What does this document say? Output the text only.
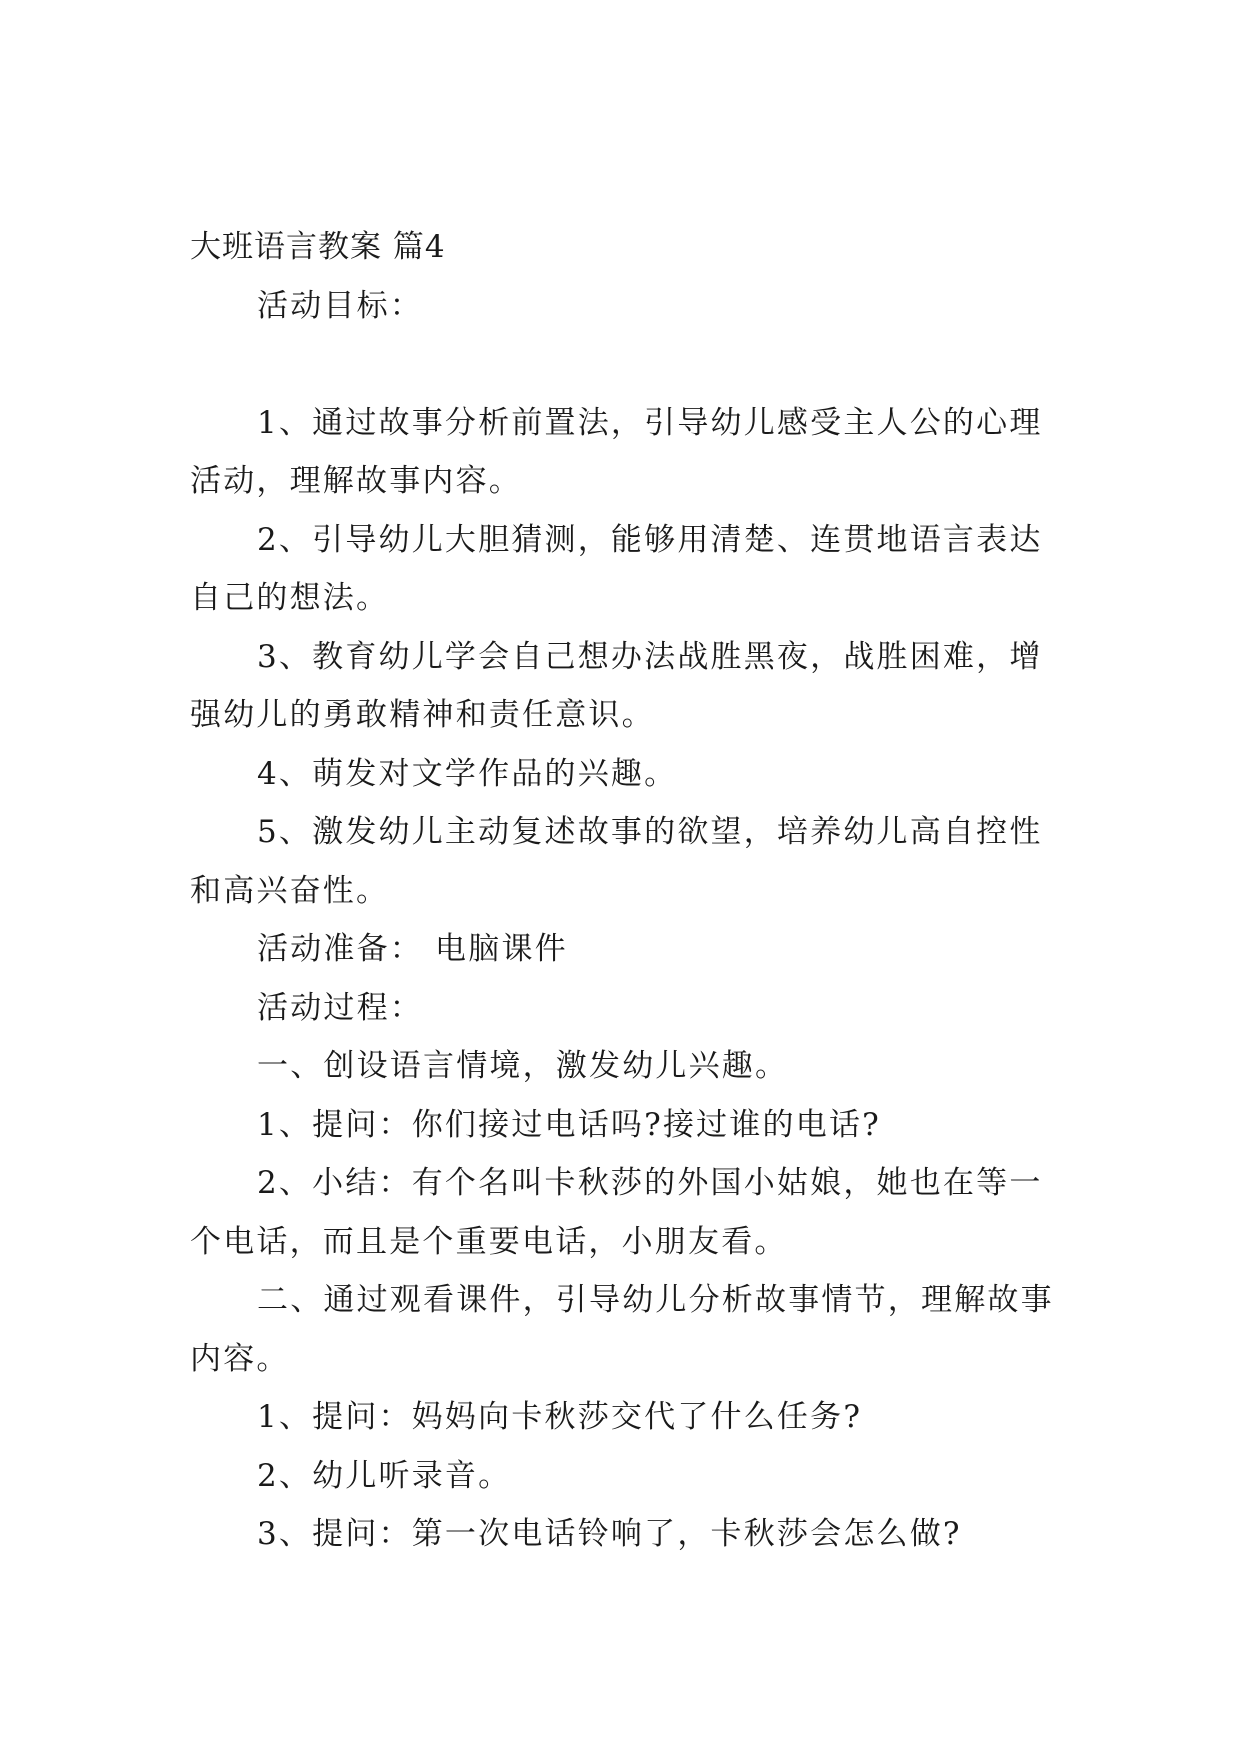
大班语言教案 篇4

活动目标：

1、通过故事分析前置法，引导幼儿感受主人公的心理

活动，理解故事内容。

2、引导幼儿大胆猜测，能够用清楚、连贯地语言表达

自己的想法。

3、教育幼儿学会自己想办法战胜黑夜，战胜困难，增

强幼儿的勇敢精神和责任意识。

4、萌发对文学作品的兴趣。

5、激发幼儿主动复述故事的欲望，培养幼儿高自控性

和高兴奋性。

活动准备： 电脑课件

活动过程：

一、创设语言情境，激发幼儿兴趣。

1、提问：你们接过电话吗?接过谁的电话?

2、小结：有个名叫卡秋莎的外国小姑娘，她也在等一

个电话，而且是个重要电话，小朋友看。

二、通过观看课件，引导幼儿分析故事情节，理解故事

内容。

1、提问：妈妈向卡秋莎交代了什么任务?

2、幼儿听录音。

3、提问：第一次电话铃响了，卡秋莎会怎么做?
